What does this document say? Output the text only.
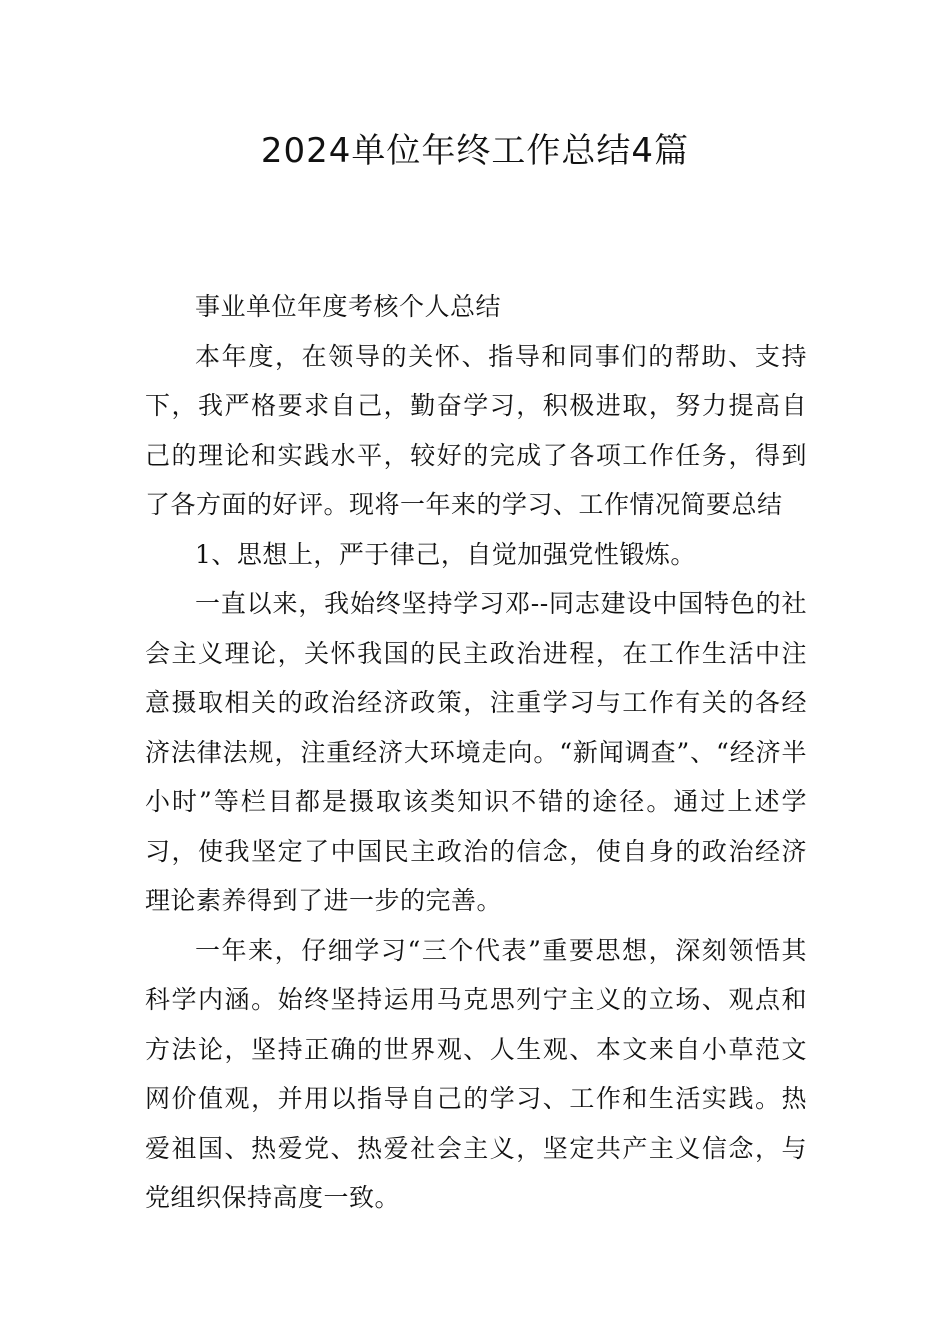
2024单位年终工作总结4篇

事业单位年度考核个人总结

本年度，在领导的关怀、指导和同事们的帮助、支持下，我严格要求自己，勤奋学习，积极进取，努力提高自己的理论和实践水平，较好的完成了各项工作任务，得到了各方面的好评。现将一年来的学习、工作情况简要总结

1、思想上，严于律己，自觉加强党性锻炼。

一直以来，我始终坚持学习邓--同志建设中国特色的社会主义理论，关怀我国的民主政治进程，在工作生活中注意摄取相关的政治经济政策，注重学习与工作有关的各经济法律法规，注重经济大环境走向。“新闻调查”、“经济半小时”等栏目都是摄取该类知识不错的途径。通过上述学习，使我坚定了中国民主政治的信念，使自身的政治经济理论素养得到了进一步的完善。

一年来，仔细学习“三个代表”重要思想，深刻领悟其科学内涵。始终坚持运用马克思列宁主义的立场、观点和方法论，坚持正确的世界观、人生观、本文来自小草范文网价值观，并用以指导自己的学习、工作和生活实践。热爱祖国、热爱党、热爱社会主义，坚定共产主义信念，与党组织保持高度一致。
